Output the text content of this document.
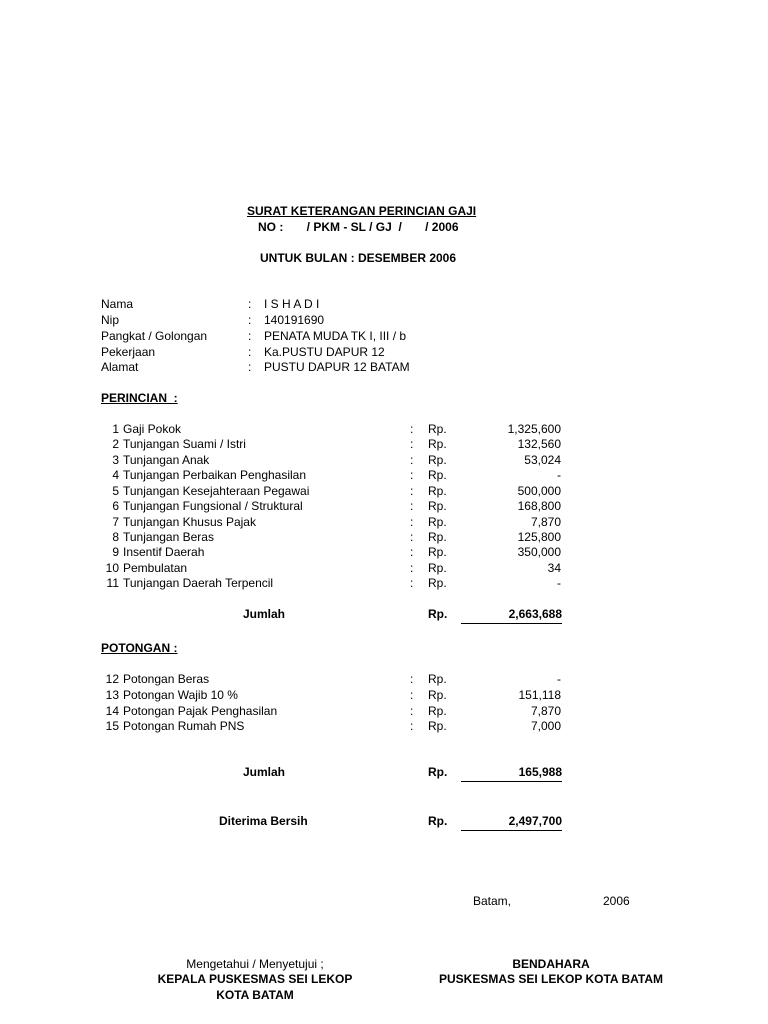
SURAT KETERANGAN PERINCIAN GAJI
NO :       / PKM - SL / GJ  /       / 2006
UNTUK BULAN : DESEMBER 2006
Nama	: I S H A D I
Nip	: 140191690
Pangkat / Golongan	: PENATA MUDA TK I, III / b
Pekerjaan	: Ka.PUSTU DAPUR 12
Alamat	: PUSTU DAPUR 12 BATAM
PERINCIAN  :
1 Gaji Pokok	: Rp.	1,325,600
2 Tunjangan Suami / Istri	: Rp.	132,560
3 Tunjangan Anak	: Rp.	53,024
4 Tunjangan Perbaikan Penghasilan	: Rp.	-
5 Tunjangan Kesejahteraan Pegawai	: Rp.	500,000
6 Tunjangan Fungsional / Struktural	: Rp.	168,800
7 Tunjangan Khusus Pajak	: Rp.	7,870
8 Tunjangan Beras	: Rp.	125,800
9 Insentif Daerah	: Rp.	350,000
10 Pembulatan	: Rp.	34
11 Tunjangan Daerah Terpencil	: Rp.	-
Jumlah	Rp.	2,663,688
POTONGAN :
12 Potongan Beras	: Rp.	-
13 Potongan Wajib 10 %	: Rp.	151,118
14 Potongan Pajak Penghasilan	: Rp.	7,870
15 Potongan Rumah PNS	: Rp.	7,000
Jumlah	Rp.	165,988
Diterima Bersih	Rp.	2,497,700
Batam,	2006
Mengetahui / Menyetujui ;
KEPALA PUSKESMAS SEI LEKOP
KOTA BATAM
BENDAHARA
PUSKESMAS SEI LEKOP KOTA BATAM
